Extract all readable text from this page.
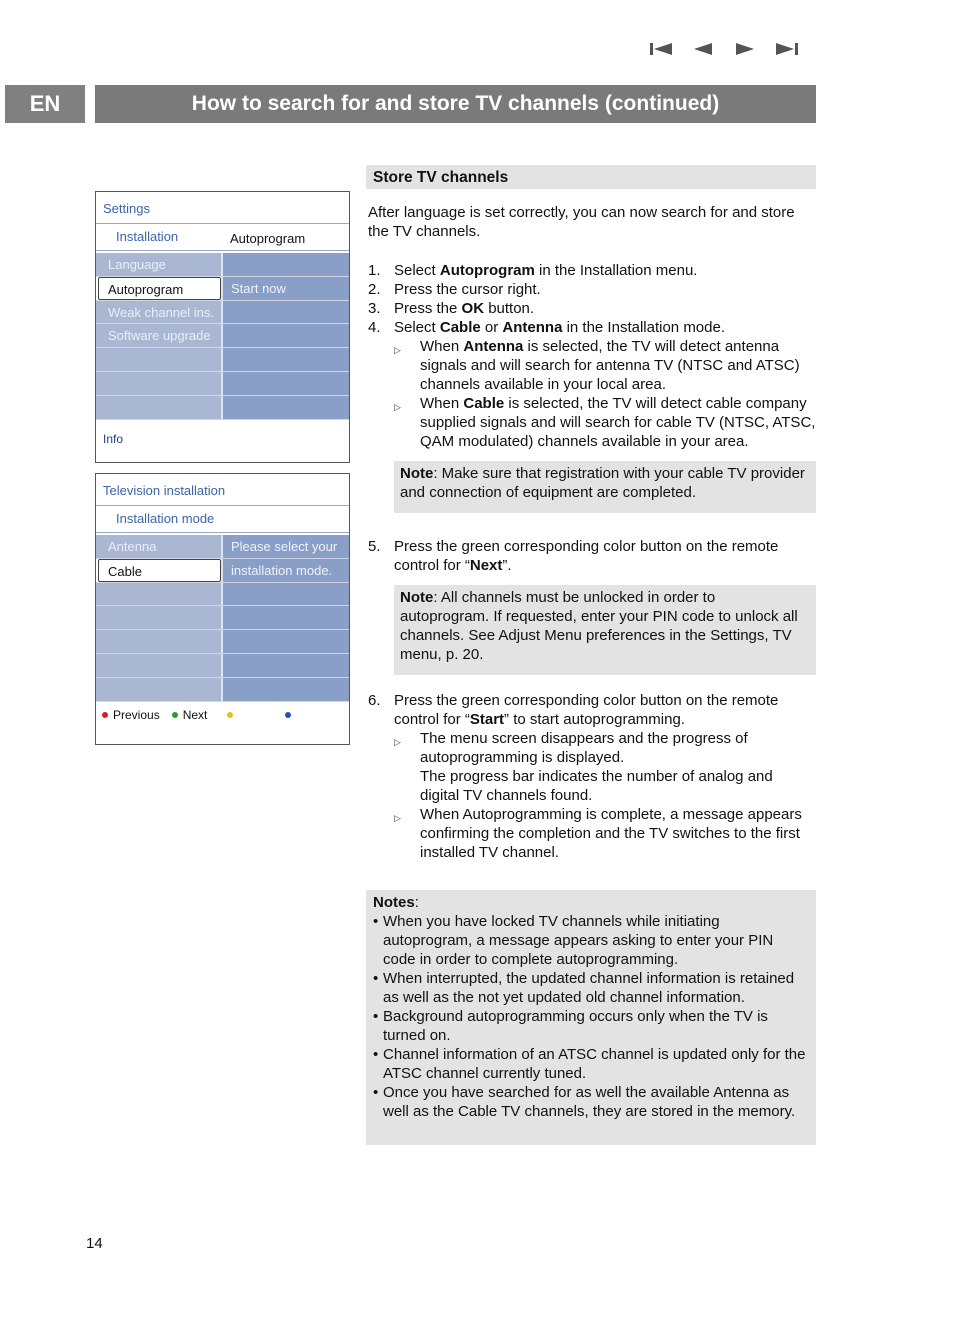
EN	How to search for and store TV channels (continued)
Settings
Installation	Autoprogram
Language
Autoprogram	Start now
Weak channel ins.
Software upgrade
Info
Television installation
Installation mode
Antenna	Please select your
Cable	installation mode.
Previous Next
Store TV channels

After language is set correctly, you can now search for and store the TV channels.

1. Select Autoprogram in the Installation menu.
2. Press the cursor right.
3. Press the OK button.
4. Select Cable or Antenna in the Installation mode.
▷ When Antenna is selected, the TV will detect antenna signals and will search for antenna TV (NTSC and ATSC) channels available in your local area.
▷ When Cable is selected, the TV will detect cable company supplied signals and will search for cable TV (NTSC, ATSC, QAM modulated) channels available in your area.
Note: Make sure that registration with your cable TV provider and connection of equipment are completed.
5. Press the green corresponding color button on the remote control for “Next”.
Note: All channels must be unlocked in order to autoprogram. If requested, enter your PIN code to unlock all channels. See Adjust Menu preferences in the Settings, TV menu, p. 20.
6. Press the green corresponding color button on the remote control for “Start” to start autoprogramming.
▷ The menu screen disappears and the progress of autoprogramming is displayed.
The progress bar indicates the number of analog and digital TV channels found.
▷ When Autoprogramming is complete, a message appears confirming the completion and the TV switches to the first installed TV channel.
Notes:
• When you have locked TV channels while initiating autoprogram, a message appears asking to enter your PIN code in order to complete autoprogramming.
• When interrupted, the updated channel information is retained as well as the not yet updated old channel information.
• Background autoprogramming occurs only when the TV is turned on.
• Channel information of an ATSC channel is updated only for the ATSC channel currently tuned.
• Once you have searched for as well the available Antenna as well as the Cable TV channels, they are stored in the memory.
14
